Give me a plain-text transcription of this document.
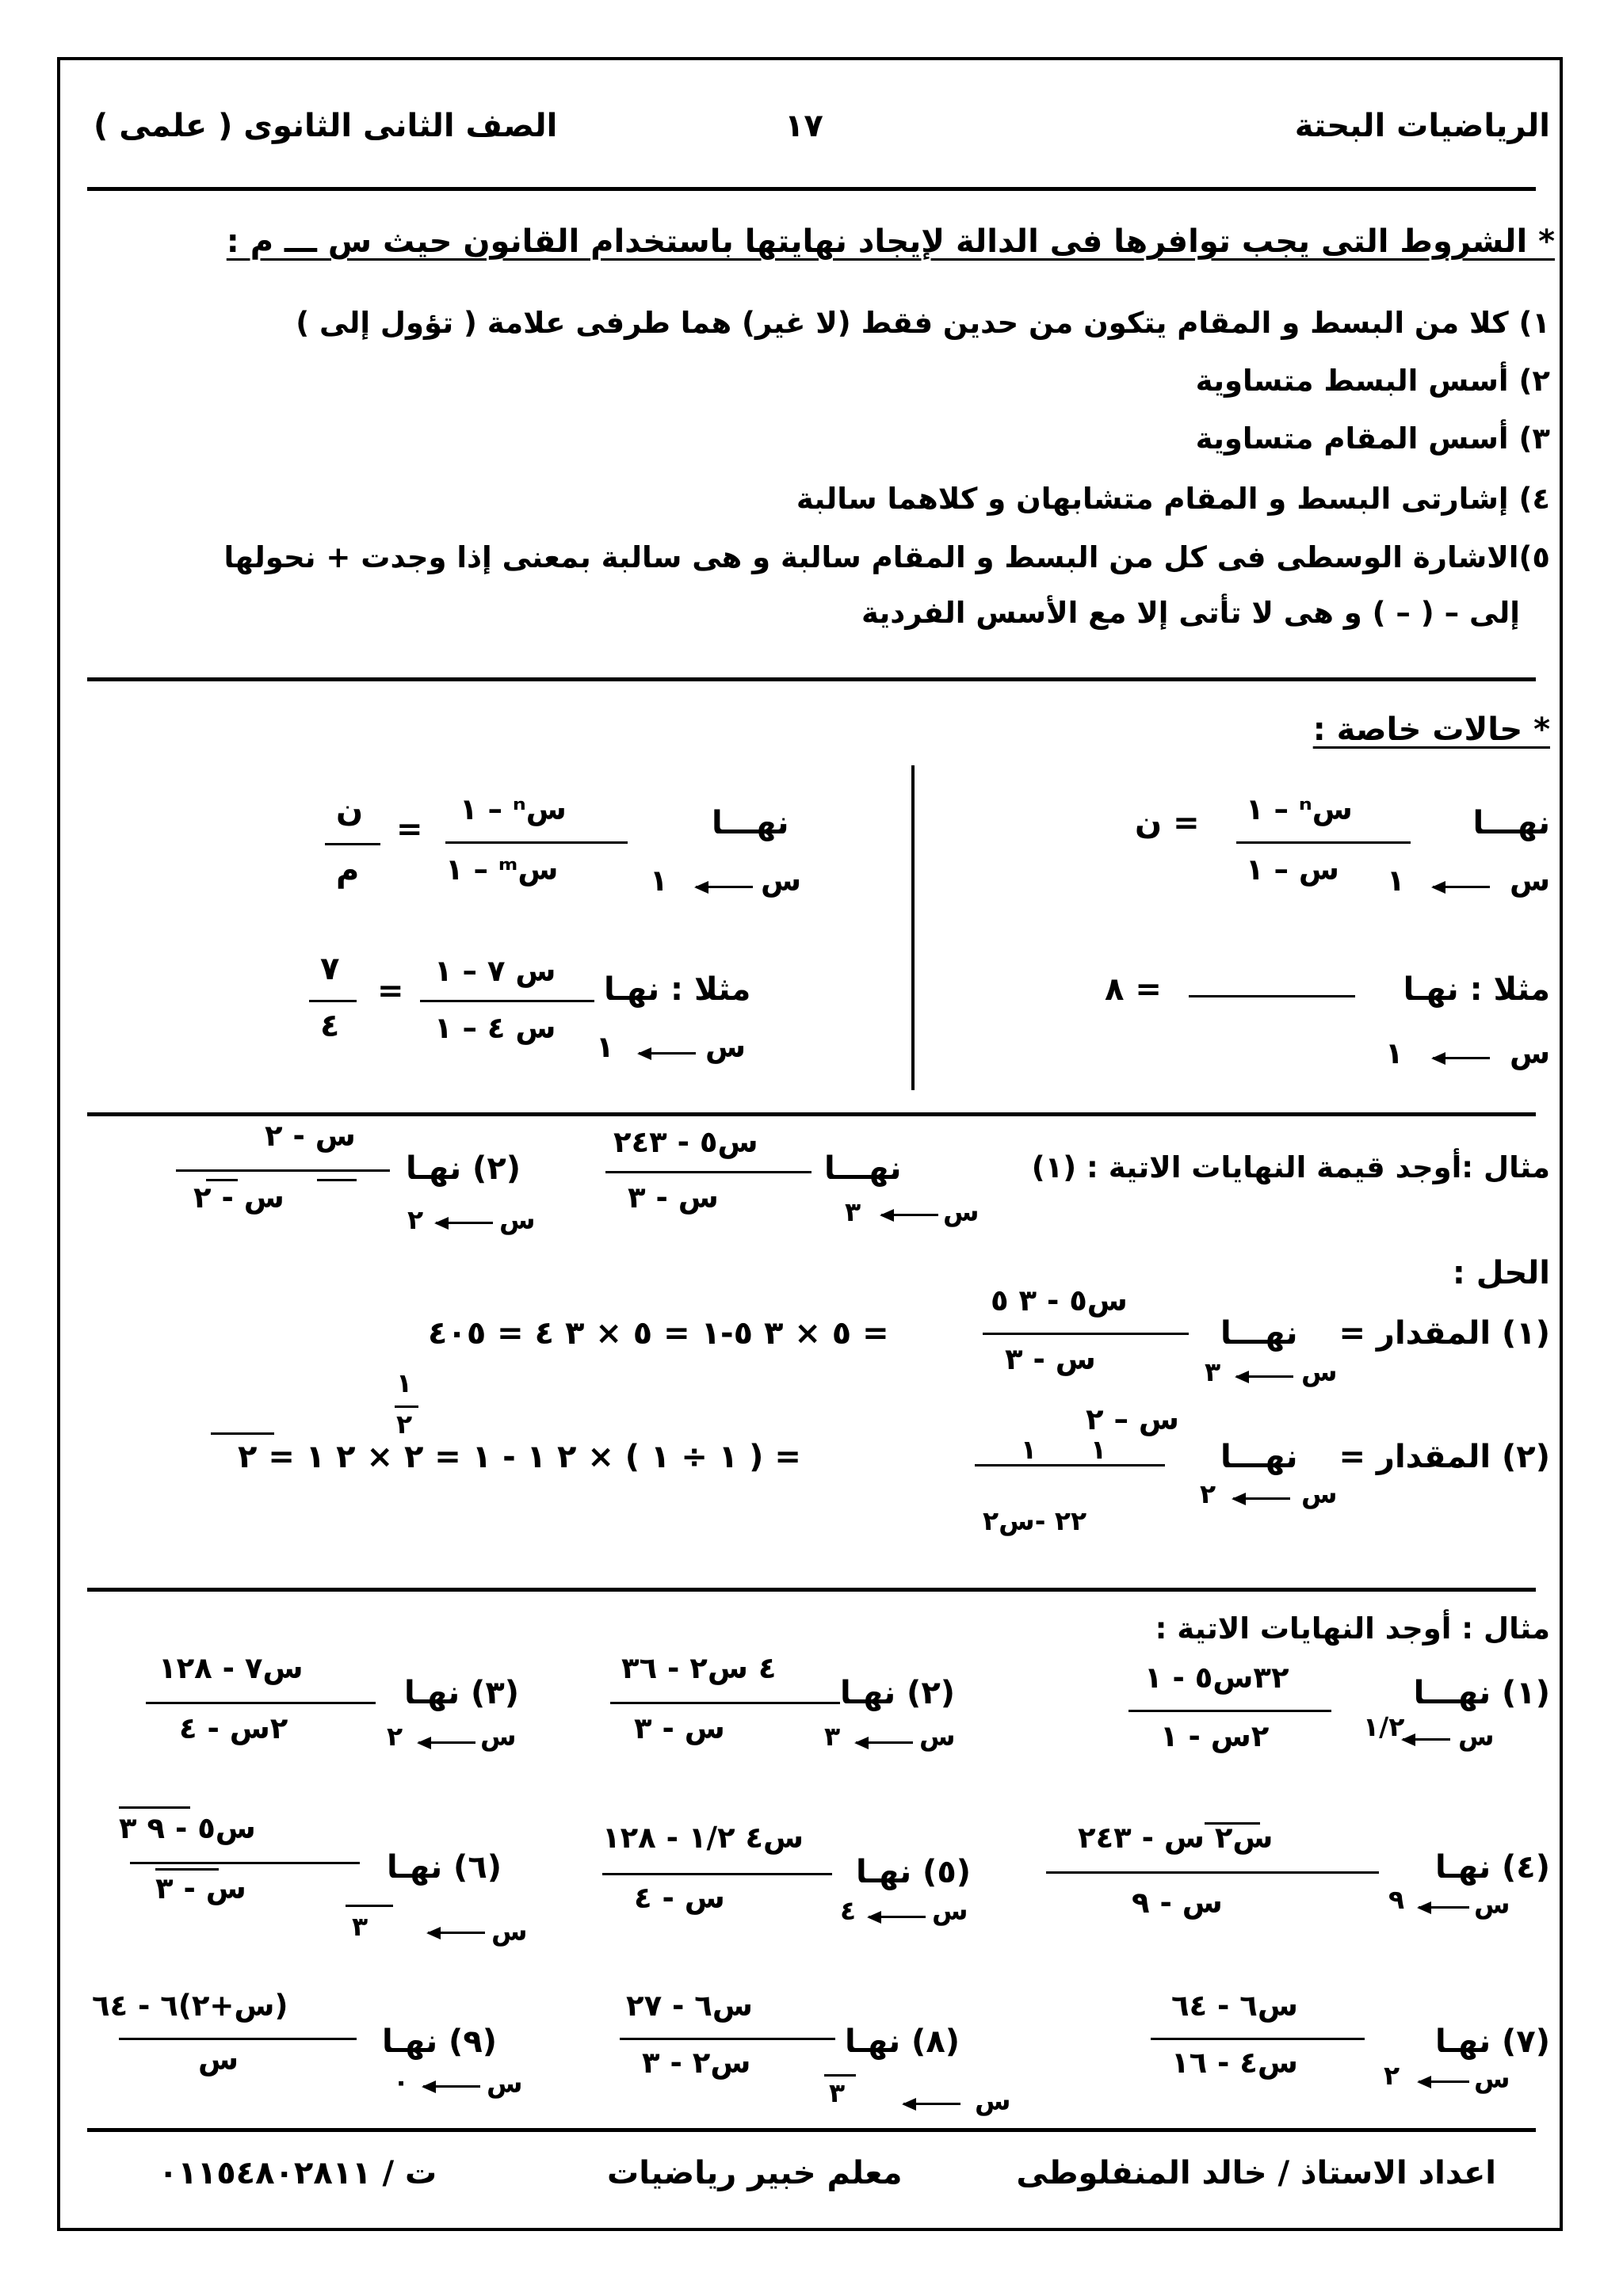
الرياضيات البحتة
١٧
الصف الثانى الثانوى ( علمى )
* الشروط التى يجب توافرها فى الدالة لإيجاد نهايتها باستخدام القانون حيث س ـــ م :
١) كلا من البسط و المقام يتكون من حدين فقط (لا غير) هما طرفى علامة ( تؤول إلى )
٢) أسس البسط متساوية
٣) أسس المقام متساوية
٤) إشارتى البسط و المقام متشابهان و كلاهما سالبة
٥)الاشارة الوسطى فى كل من البسط و المقام سالبة و هى سالبة بمعنى إذا وجدت + نحولها
إلى – ( – ) و هى لا تأتى إلا مع الأسس الفردية
* حالات خاصة :
نهـــا
سⁿ – ١
س – ١
= ن
س
١
نهـــا
سⁿ – ١
سᵐ – ١	١	س
=
ن
م
مثلا : نهـا
= ٨
س
١
مثلا : نهـا
س ٧ – ١
س ٤ – ١
١	س
=
٧
٤
مثال :أوجد قيمة النهايات الاتية : (١)
نهـــا
س٥ - ٢٤٣
س - ٣	٣	س
(٢) نهـا
س - ٢
س - ٢
٢	س
الحل :
(١) المقدار =
نهـــا
س٥ - ٣ ٥
س - ٣	٣	س
= ٥ × ٣ ٥-١ = ٥ × ٣ ٤ = ٤٠٥
(٢) المقدار =
نهـــا
س – ٢
١ ١
٢٢ -س٢
٢	س
= ( ١ ÷ ١ ) × ٢ ١ - ١ = ٢ × ٢ ١ = ٢
١
٢
مثال : أوجد النهايات الاتية :
(١) نهـــا
٣٢س٥ - ١
٢س - ١	١/٢ س
(٢) نهـا
٤ س٢ - ٣٦
س - ٣	٣	س
(٣) نهـا
س٧ - ١٢٨
٢س - ٤	٢	س
(٤) نهـا
س٢ س - ٢٤٣
س - ٩	٩	س
(٥) نهـا
س٤ ١/٢ - ١٢٨
س - ٤	٤	س
(٦) نهـا
س٥ - ٩ ٣
س - ٣
٣	س
(٧) نهـا
س٦ - ٦٤
س٤ - ١٦	٢	س
(٨) نهـا
س٦ - ٢٧
س٢ - ٣
٣	س
(٩) نهـا
(س+٢)٦ - ٦٤
س
٠	س
اعداد الاستاذ / خالد المنفلوطى
معلم خبير رياضيات
ت / ٠١١٥٤٨٠٢٨١١
